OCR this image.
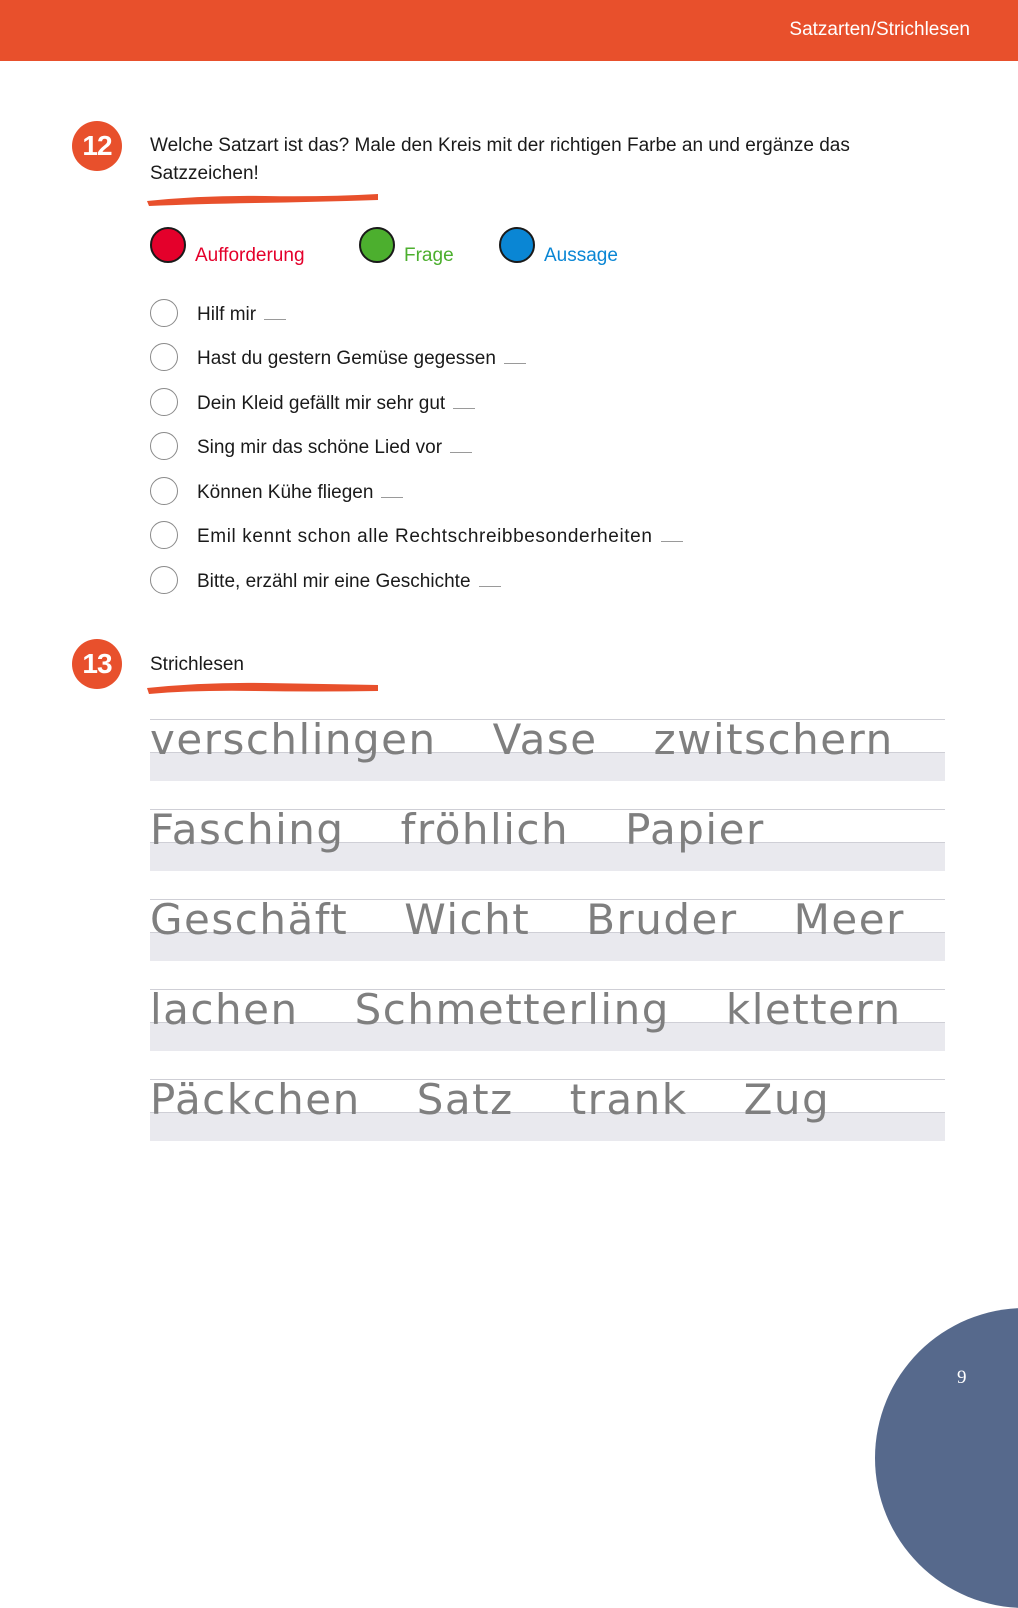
Satzarten/Strichlesen
12	Welche Satzart ist das? Male den Kreis mit der richtigen Farbe an und ergänze das Satzzeichen!
Aufforderung	Frage	Aussage
Hilf mir
Hast du gestern Gemüse gegessen
Dein Kleid gefällt mir sehr gut
Sing mir das schöne Lied vor
Können Kühe fliegen
Emil kennt schon alle Rechtschreibbesonderheiten
Bitte, erzähl mir eine Geschichte
13	Strichlesen
verschlingen Vase zwitschern
Fasching fröhlich Papier
Geschäft Wicht Bruder Meer
lachen Schmetterling klettern
Päckchen Satz trank Zug
9
